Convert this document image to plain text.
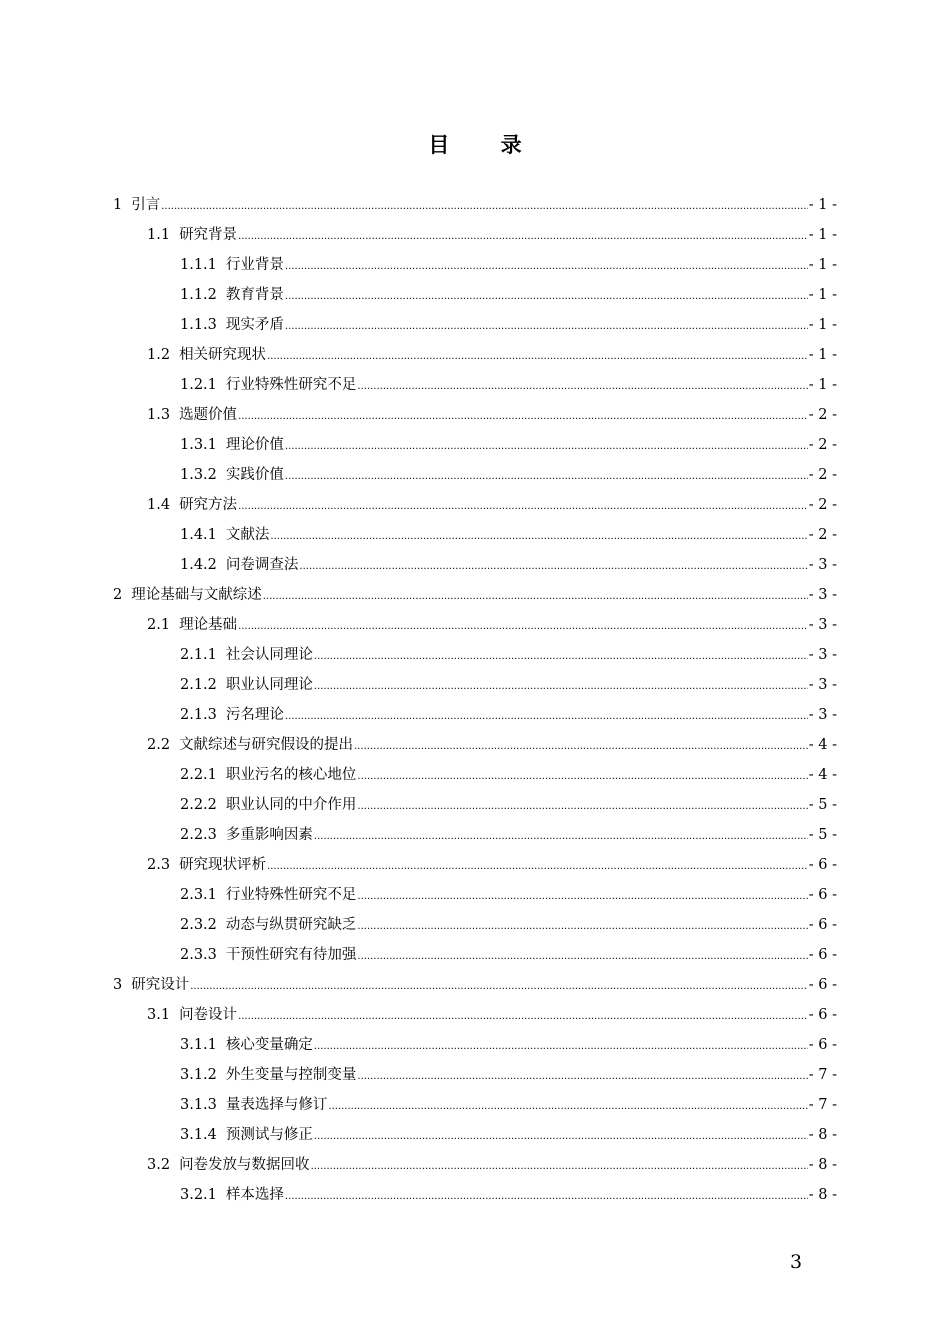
目 录
1 引言 .....	- 1 -
1.1 研究背景 .....	- 1 -
1.1.1 行业背景 .....	- 1 -
1.1.2 教育背景 .....	- 1 -
1.1.3 现实矛盾 .....	- 1 -
1.2 相关研究现状 .....	- 1 -
1.2.1 行业特殊性研究不足 .....	- 1 -
1.3 选题价值 .....	- 2 -
1.3.1 理论价值 .....	- 2 -
1.3.2 实践价值 .....	- 2 -
1.4 研究方法 .....	- 2 -
1.4.1 文献法 .....	- 2 -
1.4.2 问卷调查法 .....	- 3 -
2 理论基础与文献综述 .....	- 3 -
2.1 理论基础 .....	- 3 -
2.1.1 社会认同理论 .....	- 3 -
2.1.2 职业认同理论 .....	- 3 -
2.1.3 污名理论 .....	- 3 -
2.2 文献综述与研究假设的提出 .....	- 4 -
2.2.1 职业污名的核心地位 .....	- 4 -
2.2.2 职业认同的中介作用 .....	- 5 -
2.2.3 多重影响因素 .....	- 5 -
2.3 研究现状评析 .....	- 6 -
2.3.1 行业特殊性研究不足 .....	- 6 -
2.3.2 动态与纵贯研究缺乏 .....	- 6 -
2.3.3 干预性研究有待加强 .....	- 6 -
3 研究设计 .....	- 6 -
3.1 问卷设计 .....	- 6 -
3.1.1 核心变量确定 .....	- 6 -
3.1.2 外生变量与控制变量 .....	- 7 -
3.1.3 量表选择与修订 .....	- 7 -
3.1.4 预测试与修正 .....	- 8 -
3.2 问卷发放与数据回收 .....	- 8 -
3.2.1 样本选择 .....	- 8 -
3
